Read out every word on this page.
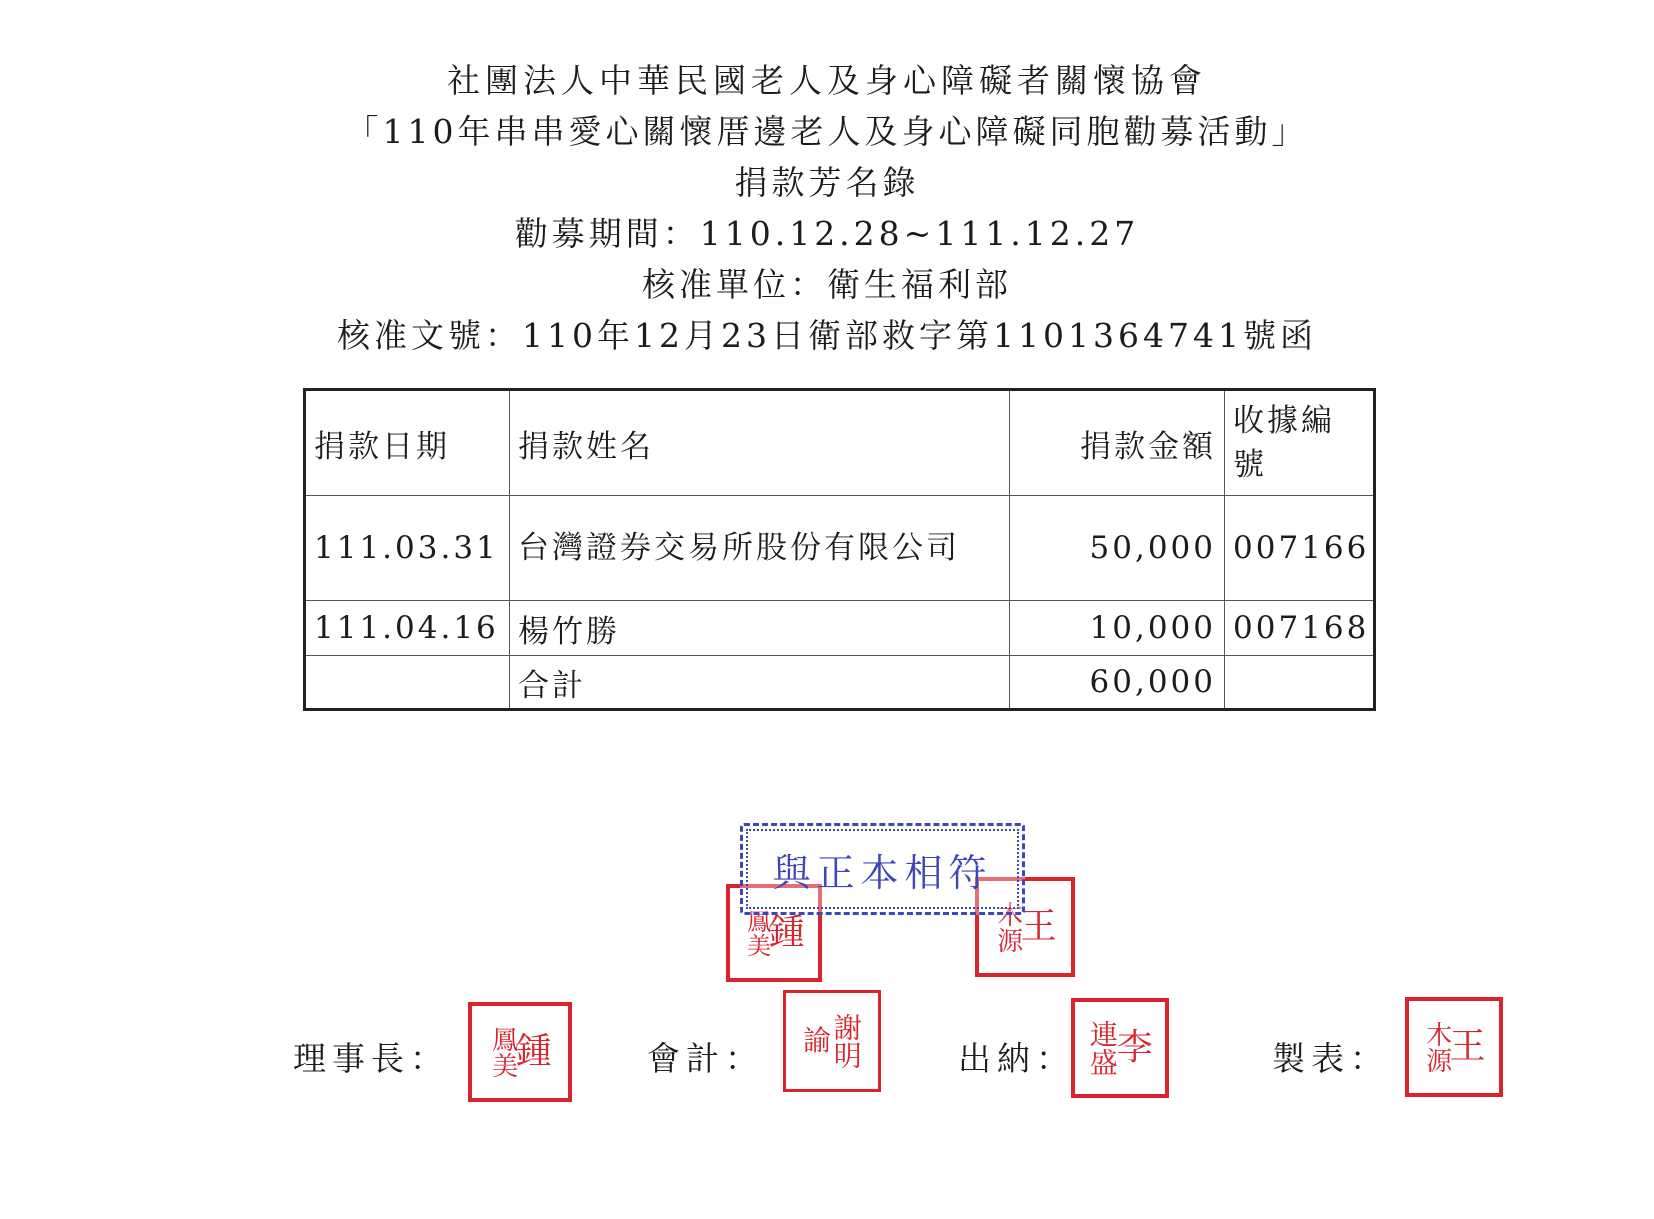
社團法人中華民國老人及身心障礙者關懷協會
「110年串串愛心關懷厝邊老人及身心障礙同胞勸募活動」
捐款芳名錄
勸募期間：110.12.28~111.12.27
核准單位：衛生福利部
核准文號：110年12月23日衛部救字第1101364741號函
捐款日期	捐款姓名	捐款金額	收據編號
111.03.31	台灣證券交易所股份有限公司	50,000	007166
111.04.16	楊竹勝	10,000	007168
	合計	60,000	
鍾
鳳美	王
木源
與正本相符
理事長： 鍾
鳳美	會計： 謝明
諭	出納： 李
連盛	製表： 王
木源
